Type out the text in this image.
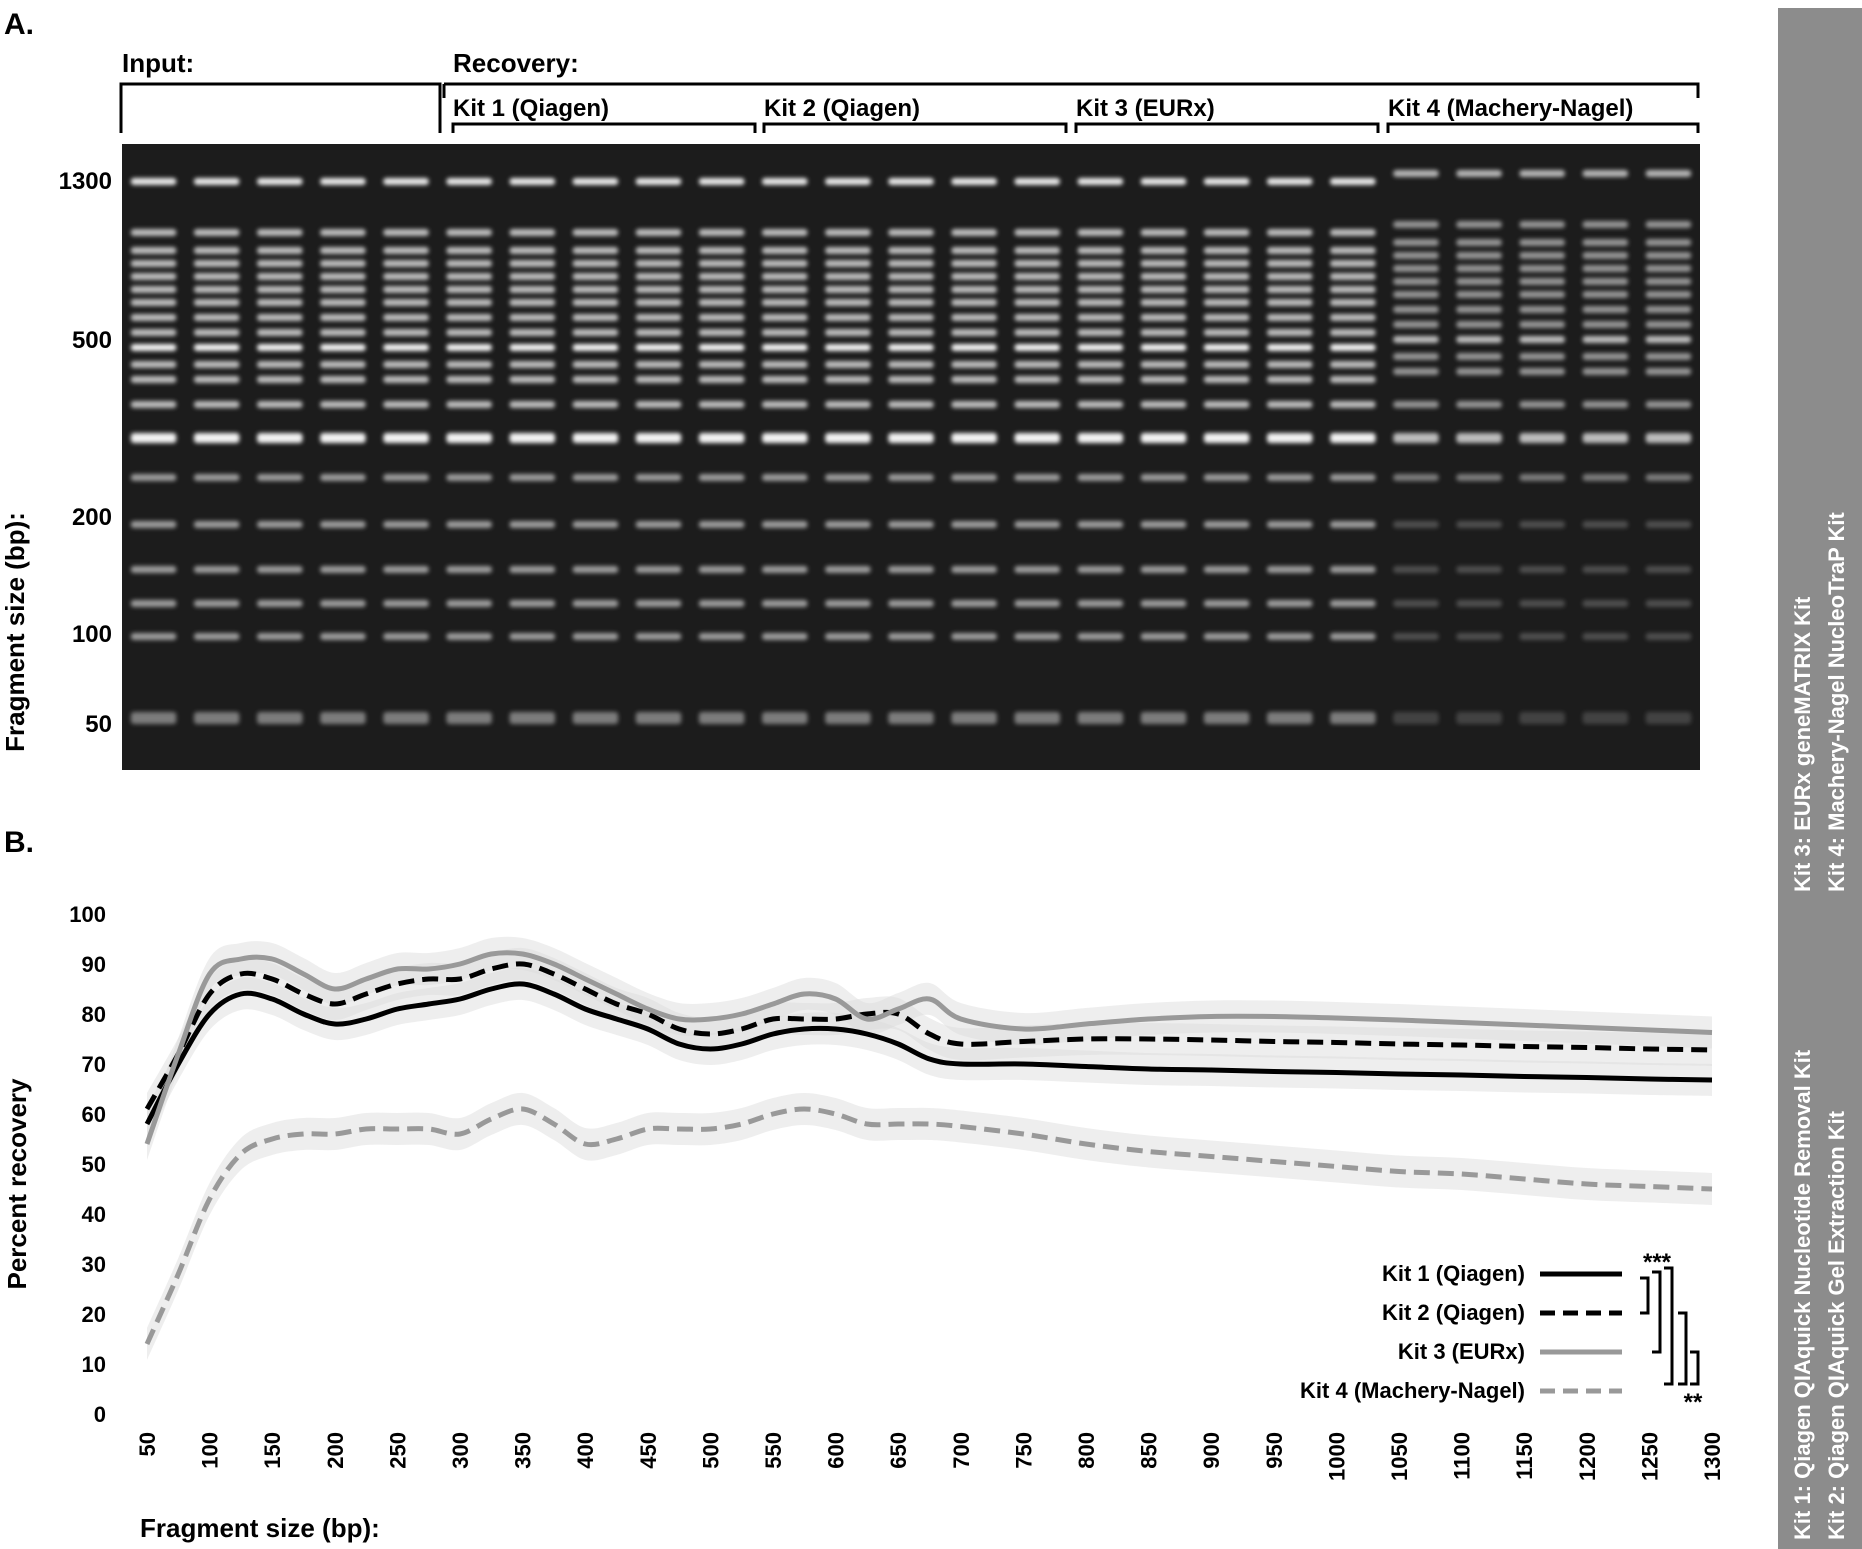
A.
Input:	Recovery:
Kit 1 (Qiagen)	Kit 2 (Qiagen)	Kit 3 (EURx)	Kit 4 (Machery-Nagel)
1300
500
200
100
50
Fragment size (bp):
B.
Percent recovery
Fragment size (bp):
0
10
20
30
40
50
60
70
80
90
100
50 100 150 200 250 300 350 400 450 500 550 600 650 700 750 800 850 900 950 1000 1050 1100 1150 1200 1250 1300
Kit 1 (Qiagen)
Kit 2 (Qiagen)
Kit 3 (EURx)
Kit 4 (Machery-Nagel)
***
**	Kit 1: Qiagen QIAquick Nucleotide Removal Kit Kit 2: Qiagen QIAquick Gel Extraction Kit
Kit 3: EURx geneMATRIX Kit Kit 4: Machery-Nagel NucleoTraP Kit
